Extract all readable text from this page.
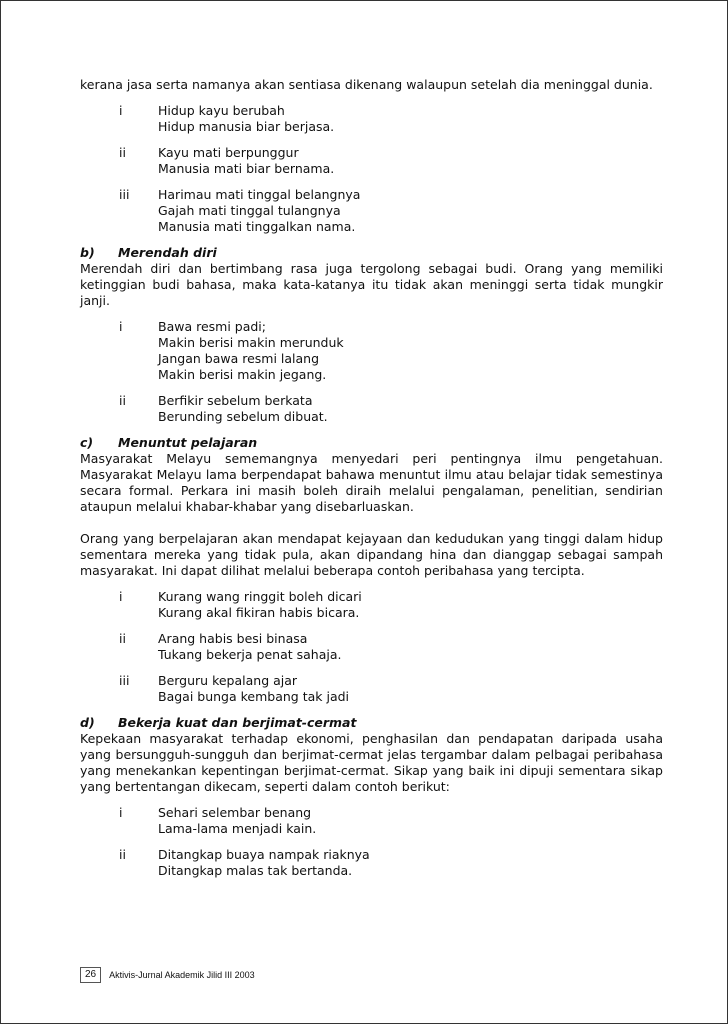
kerana jasa serta namanya akan sentiasa dikenang walaupun setelah dia meninggal dunia.

i	Hidup kayu berubah

Hidup manusia biar berjasa.

ii	Kayu mati berpunggur

Manusia mati biar bernama.

iii	Harimau mati tinggal belangnya

Gajah mati tinggal tulangnya

Manusia mati tinggalkan nama.

b) Merendah diri

Merendah diri dan bertimbang rasa juga tergolong sebagai budi. Orang yang memiliki ketinggian budi bahasa, maka kata-katanya itu tidak akan meninggi serta tidak mungkir janji.

i	Bawa resmi padi;

Makin berisi makin merunduk

Jangan bawa resmi lalang

Makin berisi makin jegang.

ii	Berfikir sebelum berkata

Berunding sebelum dibuat.

c) Menuntut pelajaran

Masyarakat Melayu sememangnya menyedari peri pentingnya ilmu pengetahuan. Masyarakat Melayu lama berpendapat bahawa menuntut ilmu atau belajar tidak semestinya secara formal. Perkara ini masih boleh diraih melalui pengalaman, penelitian, sendirian ataupun melalui khabar-khabar yang disebarluaskan.

Orang yang berpelajaran akan mendapat kejayaan dan kedudukan yang tinggi dalam hidup sementara mereka yang tidak pula, akan dipandang hina dan dianggap sebagai sampah masyarakat. Ini dapat dilihat melalui beberapa contoh peribahasa yang tercipta.

i	Kurang wang ringgit boleh dicari

Kurang akal fikiran habis bicara.

ii	Arang habis besi binasa

Tukang bekerja penat sahaja.

iii	Berguru kepalang ajar

Bagai bunga kembang tak jadi

d) Bekerja kuat dan berjimat-cermat

Kepekaan masyarakat terhadap ekonomi, penghasilan dan pendapatan daripada usaha yang bersungguh-sungguh dan berjimat-cermat jelas tergambar dalam pelbagai peribahasa yang menekankan kepentingan berjimat-cermat. Sikap yang baik ini dipuji sementara sikap yang bertentangan dikecam, seperti dalam contoh berikut:

i	Sehari selembar benang

Lama-lama menjadi kain.

ii	Ditangkap buaya nampak riaknya

Ditangkap malas tak bertanda.

26	Aktivis-Jurnal Akademik Jilid III 2003
